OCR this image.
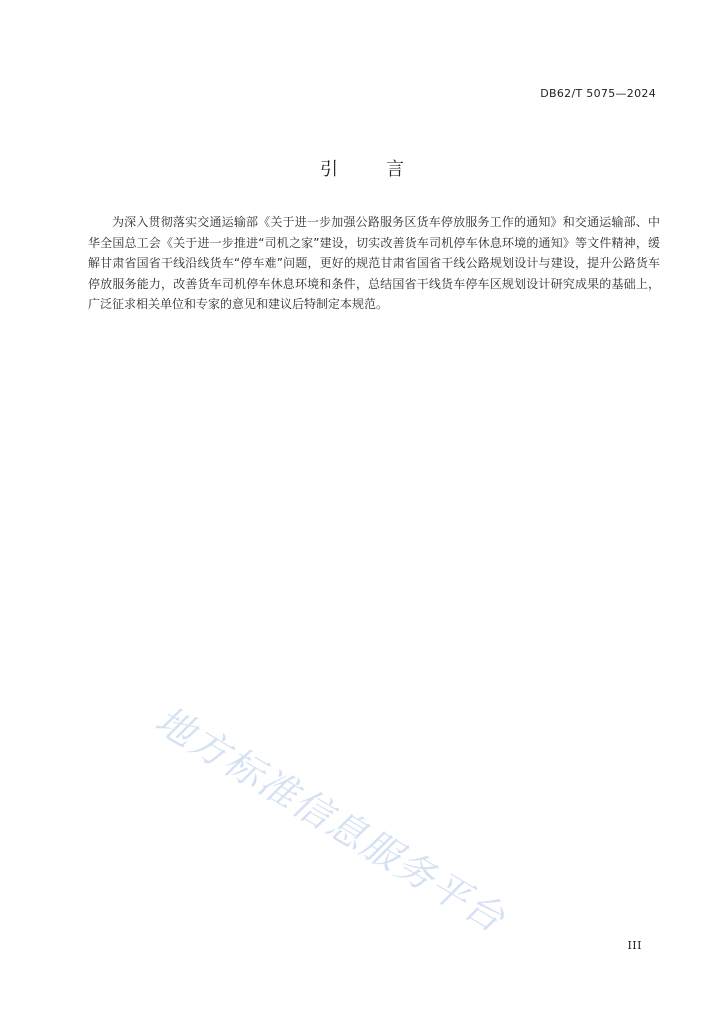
DB62/T 5075—2024
引	言

为深入贯彻落实交通运输部《关于进一步加强公路服务区货车停放服务工作的通知》和交通运输部、中华全国总工会《关于进一步推进“司机之家”建设，切实改善货车司机停车休息环境的通知》等文件精神，缓解甘肃省国省干线沿线货车“停车难”问题，更好的规范甘肃省国省干线公路规划设计与建设，提升公路货车停放服务能力，改善货车司机停车休息环境和条件，总结国省干线货车停车区规划设计研究成果的基础上，广泛征求相关单位和专家的意见和建议后特制定本规范。

地方标准信息服务平台
III
